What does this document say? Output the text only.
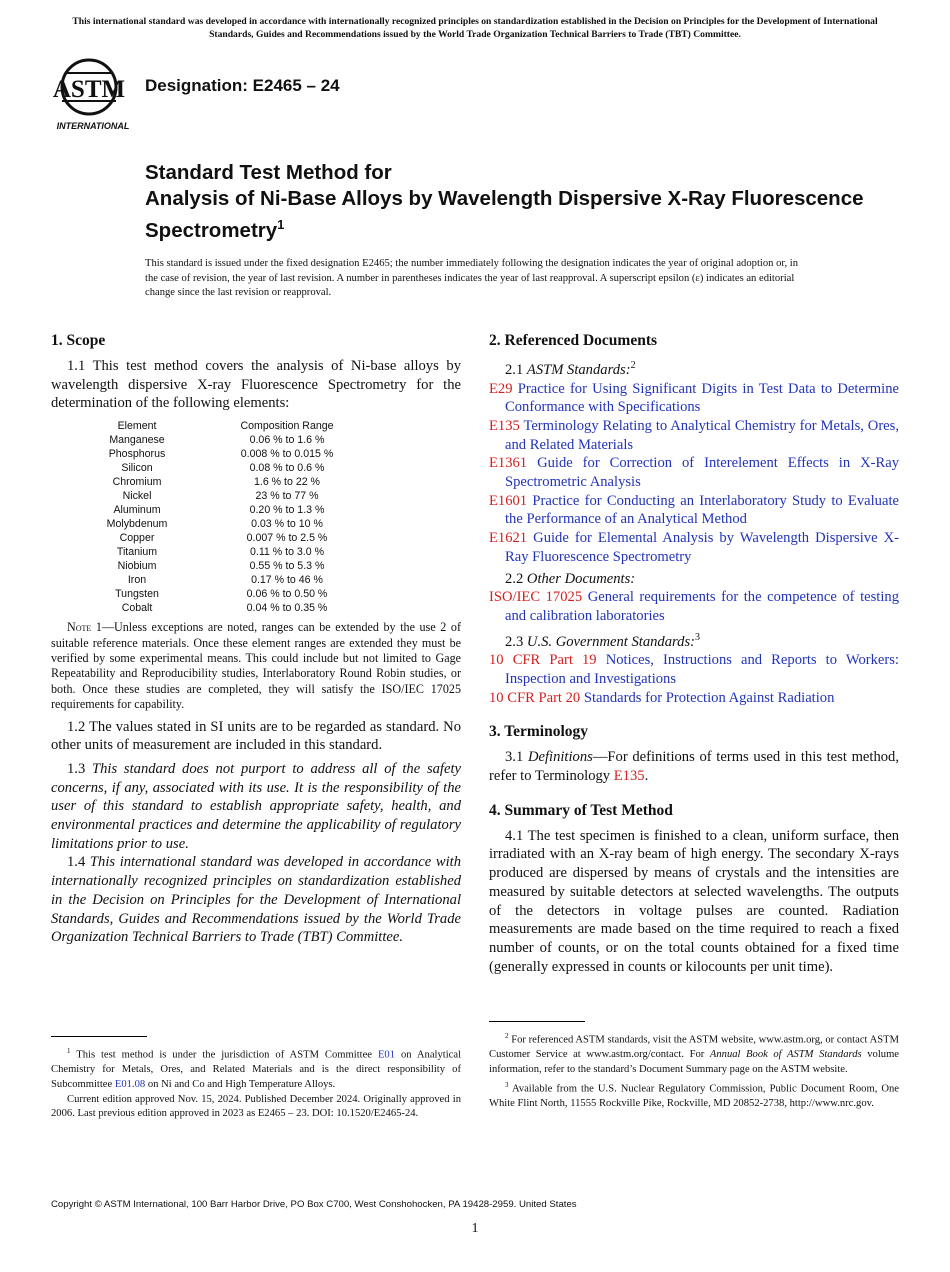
This international standard was developed in accordance with internationally recognized principles on standardization established in the Decision on Principles for the Development of International Standards, Guides and Recommendations issued by the World Trade Organization Technical Barriers to Trade (TBT) Committee.
ASTM
INTERNATIONAL
Designation: E2465 – 24
Standard Test Method for
Analysis of Ni-Base Alloys by Wavelength Dispersive X-Ray Fluorescence Spectrometry$^1$
This standard is issued under the fixed designation E2465; the number immediately following the designation indicates the year of original adoption or, in the case of revision, the year of last revision. A number in parentheses indicates the year of last reapproval. A superscript epsilon (ε) indicates an editorial change since the last revision or reapproval.
1. Scope

1.1 This test method covers the analysis of Ni-base alloys by wavelength dispersive X-ray Fluorescence Spectrometry for the determination of the following elements:

Element	Composition Range
Manganese	0.06 % to 1.6 %
Phosphorus	0.008 % to 0.015 %
Silicon	0.08 % to 0.6 %
Chromium	1.6 % to 22 %
Nickel	23 % to 77 %
Aluminum	0.20 % to 1.3 %
Molybdenum	0.03 % to 10 %
Copper	0.007 % to 2.5 %
Titanium	0.11 % to 3.0 %
Niobium	0.55 % to 5.3 %
Iron	0.17 % to 46 %
Tungsten	0.06 % to 0.50 %
Cobalt	0.04 % to 0.35 %
Note 1—Unless exceptions are noted, ranges can be extended by the use 2 of suitable reference materials. Once these element ranges are extended they must be verified by some experimental means. This could include but not limited to Gage Repeatability and Reproducibility studies, Interlaboratory Round Robin studies, or both. Once these studies are completed, they will satisfy the ISO/IEC 17025 requirements for capability.

1.2 The values stated in SI units are to be regarded as standard. No other units of measurement are included in this standard.

1.3 This standard does not purport to address all of the safety concerns, if any, associated with its use. It is the responsibility of the user of this standard to establish appropriate safety, health, and environmental practices and determine the applicability of regulatory limitations prior to use.

1.4 This international standard was developed in accordance with internationally recognized principles on standardization established in the Decision on Principles for the Development of International Standards, Guides and Recommendations issued by the World Trade Organization Technical Barriers to Trade (TBT) Committee.

2. Referenced Documents

2.1 ASTM Standards:$^2$

E29 Practice for Using Significant Digits in Test Data to Determine Conformance with Specifications

E135 Terminology Relating to Analytical Chemistry for Metals, Ores, and Related Materials

E1361 Guide for Correction of Interelement Effects in X-Ray Spectrometric Analysis

E1601 Practice for Conducting an Interlaboratory Study to Evaluate the Performance of an Analytical Method

E1621 Guide for Elemental Analysis by Wavelength Dispersive X-Ray Fluorescence Spectrometry

2.2 Other Documents:

ISO/IEC 17025 General requirements for the competence of testing and calibration laboratories

2.3 U.S. Government Standards:$^3$

10 CFR Part 19 Notices, Instructions and Reports to Workers: Inspection and Investigations

10 CFR Part 20 Standards for Protection Against Radiation

3. Terminology

3.1 Definitions—For definitions of terms used in this test method, refer to Terminology E135.

4. Summary of Test Method

4.1 The test specimen is finished to a clean, uniform surface, then irradiated with an X-ray beam of high energy. The secondary X-rays produced are dispersed by means of crystals and the intensities are measured by suitable detectors at selected wavelengths. The outputs of the detectors in voltage pulses are counted. Radiation measurements are made based on the time required to reach a fixed number of counts, or on the total counts obtained for a fixed time (generally expressed in counts or kilocounts per unit time).

$^1$ This test method is under the jurisdiction of ASTM Committee E01 on Analytical Chemistry for Metals, Ores, and Related Materials and is the direct responsibility of Subcommittee E01.08 on Ni and Co and High Temperature Alloys.

Current edition approved Nov. 15, 2024. Published December 2024. Originally approved in 2006. Last previous edition approved in 2023 as E2465 – 23. DOI: 10.1520/E2465-24.

$^2$ For referenced ASTM standards, visit the ASTM website, www.astm.org, or contact ASTM Customer Service at www.astm.org/contact. For Annual Book of ASTM Standards volume information, refer to the standard’s Document Summary page on the ASTM website.

$^3$ Available from the U.S. Nuclear Regulatory Commission, Public Document Room, One White Flint North, 11555 Rockville Pike, Rockville, MD 20852-2738, http://www.nrc.gov.

Copyright © ASTM International, 100 Barr Harbor Drive, PO Box C700, West Conshohocken, PA 19428-2959. United States
1
